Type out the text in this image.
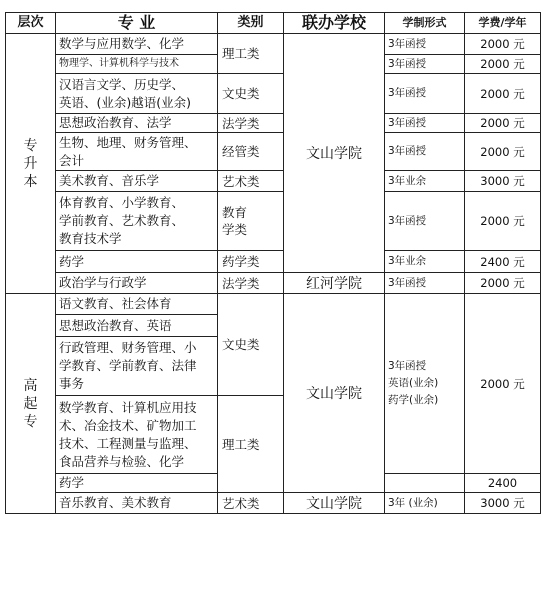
层次	专 业	类别	联办学校	学制形式	学费/学年
专升本	数学与应用数学、化学	理工类	文山学院	3年函授	2000 元
	物理学、计算机科学与技术			3年函授	2000 元
	汉语言文学、历史学、
英语、(业余)越语(业余)	文史类		3年函授	2000 元
	思想政治教育、法学	法学类		3年函授	2000 元
	生物、地理、财务管理、
会计	经管类		3年函授	2000 元
	美术教育、音乐学	艺术类		3年业余	3000 元
	体育教育、小学教育、
学前教育、艺术教育、
教育技术学	教育
学类		3年函授	2000 元
	药学	药学类		3年业余	2400 元
	政治学与行政学	法学类	红河学院	3年函授	2000 元
高起专	语文教育、社会体育	文史类	文山学院	3年函授
英语(业余)
药学(业余)	2000 元
	思想政治教育、英语				
	行政管理、财务管理、小
学教育、学前教育、法律
事务				
	数学教育、计算机应用技
术、冶金技术、矿物加工
技术、工程测量与监理、
食品营养与检验、化学	理工类			
	药学				2400
	音乐教育、美术教育	艺术类	文山学院	3年 (业余)	3000 元
